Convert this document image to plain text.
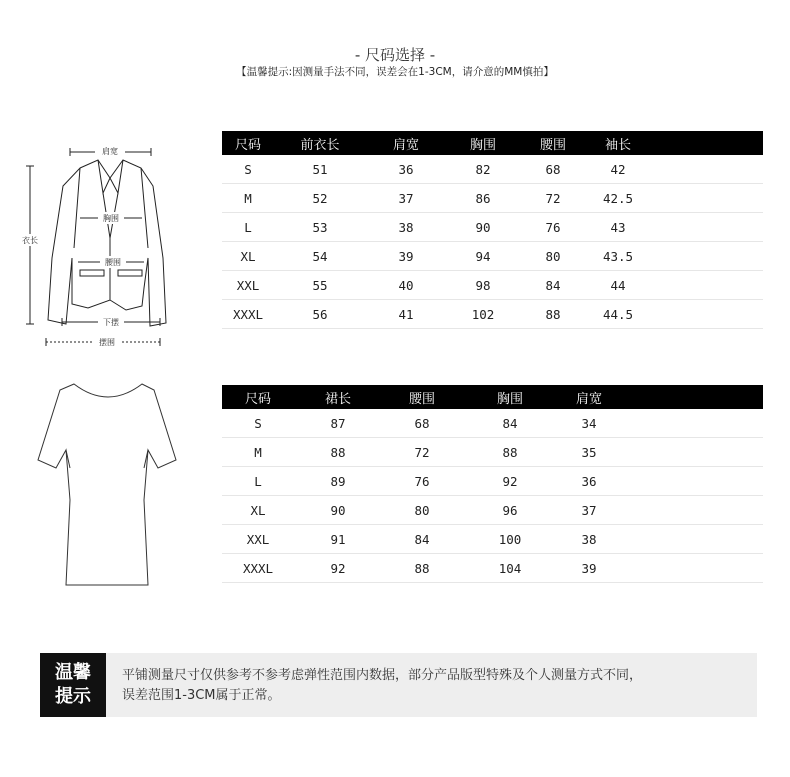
- 尺码选择 -
【温馨提示:因测量手法不同，误差会在1-3CM，请介意的MM慎拍】
肩宽
胸围
腰围
衣长
下摆
摆围
尺码	前衣长	肩宽	胸围	腰围	袖长	
S	51	36	82	68	42	
M	52	37	86	72	42.5	
L	53	38	90	76	43	
XL	54	39	94	80	43.5	
XXL	55	40	98	84	44	
XXXL	56	41	102	88	44.5	
尺码	裙长	腰围	胸围	肩宽	
S	87	68	84	34	
M	88	72	88	35	
L	89	76	92	36	
XL	90	80	96	37	
XXL	91	84	100	38	
XXXL	92	88	104	39	
温馨
提示
平铺测量尺寸仅供参考不参考虑弹性范围内数据，部分产品版型特殊及个人测量方式不同，
误差范围1-3CM属于正常。
